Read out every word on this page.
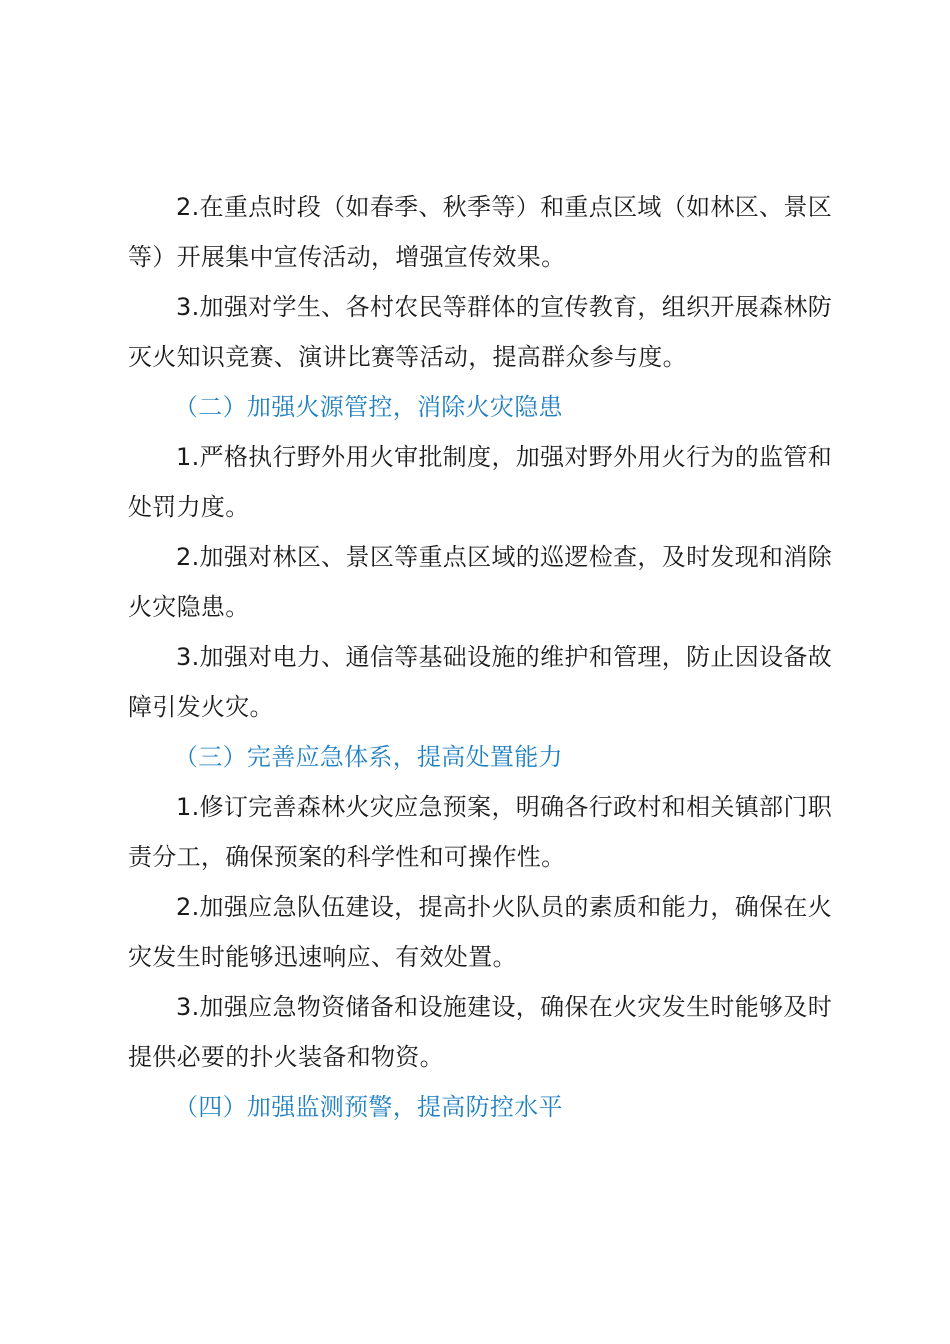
2.在重点时段（如春季、秋季等）和重点区域（如林区、景区等）开展集中宣传活动，增强宣传效果。

3.加强对学生、各村农民等群体的宣传教育，组织开展森林防灭火知识竞赛、演讲比赛等活动，提高群众参与度。

（二）加强火源管控，消除火灾隐患

1.严格执行野外用火审批制度，加强对野外用火行为的监管和处罚力度。

2.加强对林区、景区等重点区域的巡逻检查，及时发现和消除火灾隐患。

3.加强对电力、通信等基础设施的维护和管理，防止因设备故障引发火灾。

（三）完善应急体系，提高处置能力

1.修订完善森林火灾应急预案，明确各行政村和相关镇部门职责分工，确保预案的科学性和可操作性。

2.加强应急队伍建设，提高扑火队员的素质和能力，确保在火灾发生时能够迅速响应、有效处置。

3.加强应急物资储备和设施建设，确保在火灾发生时能够及时提供必要的扑火装备和物资。

（四）加强监测预警，提高防控水平
